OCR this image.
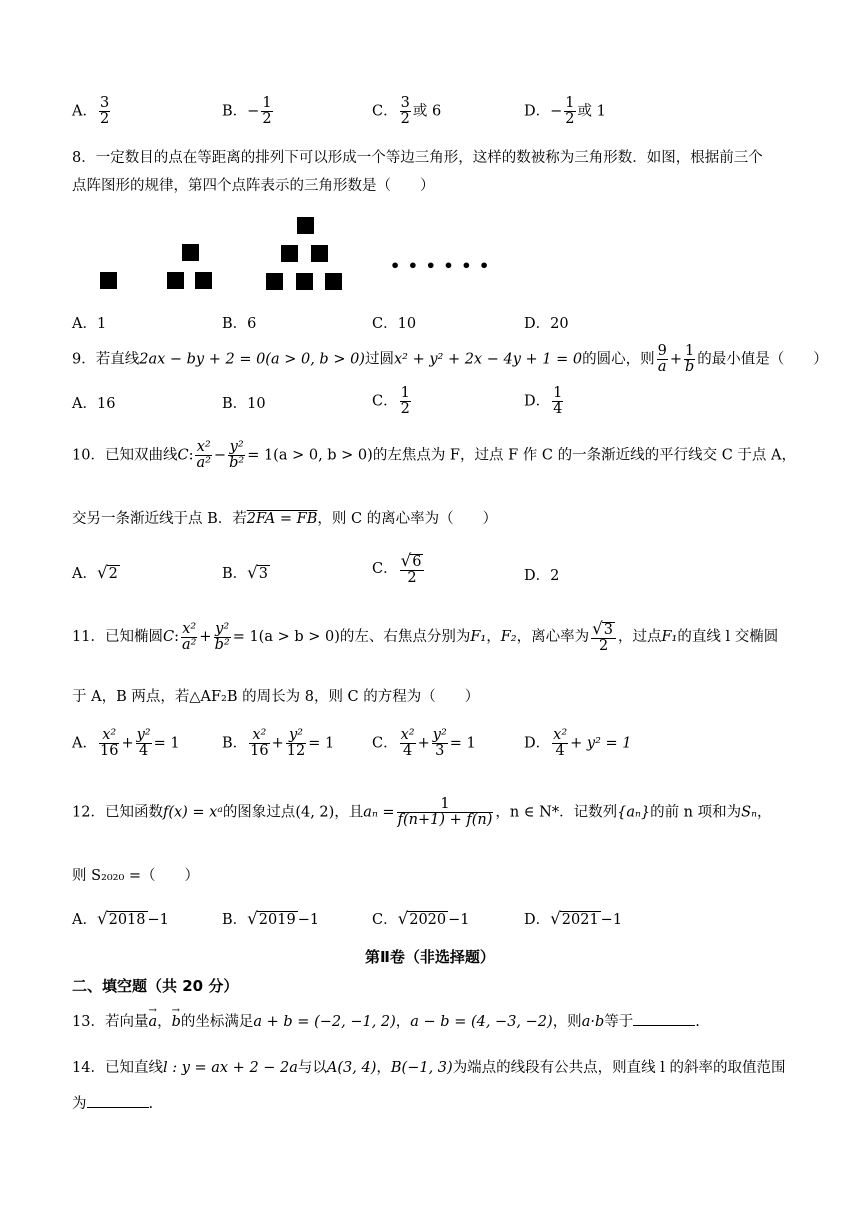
A． $\frac{3}{2}$	B．− $\frac{1}{2}$	C． $\frac{3}{2}$ 或 6	D．− $\frac{1}{2}$ 或 1
8．一定数目的点在等距离的排列下可以形成一个等边三角形，这样的数被称为三角形数．如图，根据前三个
点阵图形的规律，第四个点阵表示的三角形数是（　　）
• • • • • •
A．1	B．6	C．10	D．20
9．若直线2ax − by + 2 = 0(a > 0, b > 0)过圆x² + y² + 2x − 4y + 1 = 0的圆心，则 $\frac{9}{a} + \frac{1}{b}$ 的最小值是（　　）
A．16	B．10	C． $\frac{1}{2}$	D． $\frac{1}{4}$
10．已知双曲线C: $\frac{\text{x²}}{\text{a²}} - \frac{\text{y²}}{\text{b²}} = 1(a > 0$, b > 0)的左焦点为 F，过点 F 作 C 的一条渐近线的平行线交 C 于点 A，
交另一条渐近线于点 B．若2FA = FB，则 C 的离心率为（　　）
A．√2	B．√3	C． $\frac{√6}{2}$	D．2
11．已知椭圆C: $\frac{\text{x²}}{\text{a²}} + \frac{\text{y²}}{\text{b²}} = 1(a > b > 0)$的左、右焦点分别为F₁，F₂，离心率为 $\frac{√3}{2}$ ，过点F₁的直线 l 交椭圆
于 A，B 两点，若△AF₂B 的周长为 8，则 C 的方程为（　　）
A． $\frac{\text{x²}}{16} + \frac{\text{y²}}{4} = 1$	B． $\frac{\text{x²}}{16} + \frac{\text{y²}}{12} = 1$	C． $\frac{\text{x²}}{4} + \frac{\text{y²}}{3} = 1$	D． $\frac{\text{x²}}{4} + y^2 = 1$
12．已知函数f(x) = xᵃ的图象过点(4, 2)，且$a_n = \frac{1}{f(n+1) + f(n)}$ ，n ∈ N*．记数列{aₙ}的前 n 项和为Sₙ，
则 S₂₀₂₀ =（　　）
A．√2018 −1	B．√2019 −1	C．√2020 −1	D．√2021 −1
第Ⅱ卷（非选择题）
二、填空题（共 20 分）
13．若向量→ a，→ b的坐标满足a + b = (−2, −1, 2)，a − b = (4, −3, −2)，则a·b等于	.
14．已知直线l : y = ax + 2 − 2a与以A(3, 4)，B(−1, 3)为端点的线段有公共点，则直线 l 的斜率的取值范围
为	.
